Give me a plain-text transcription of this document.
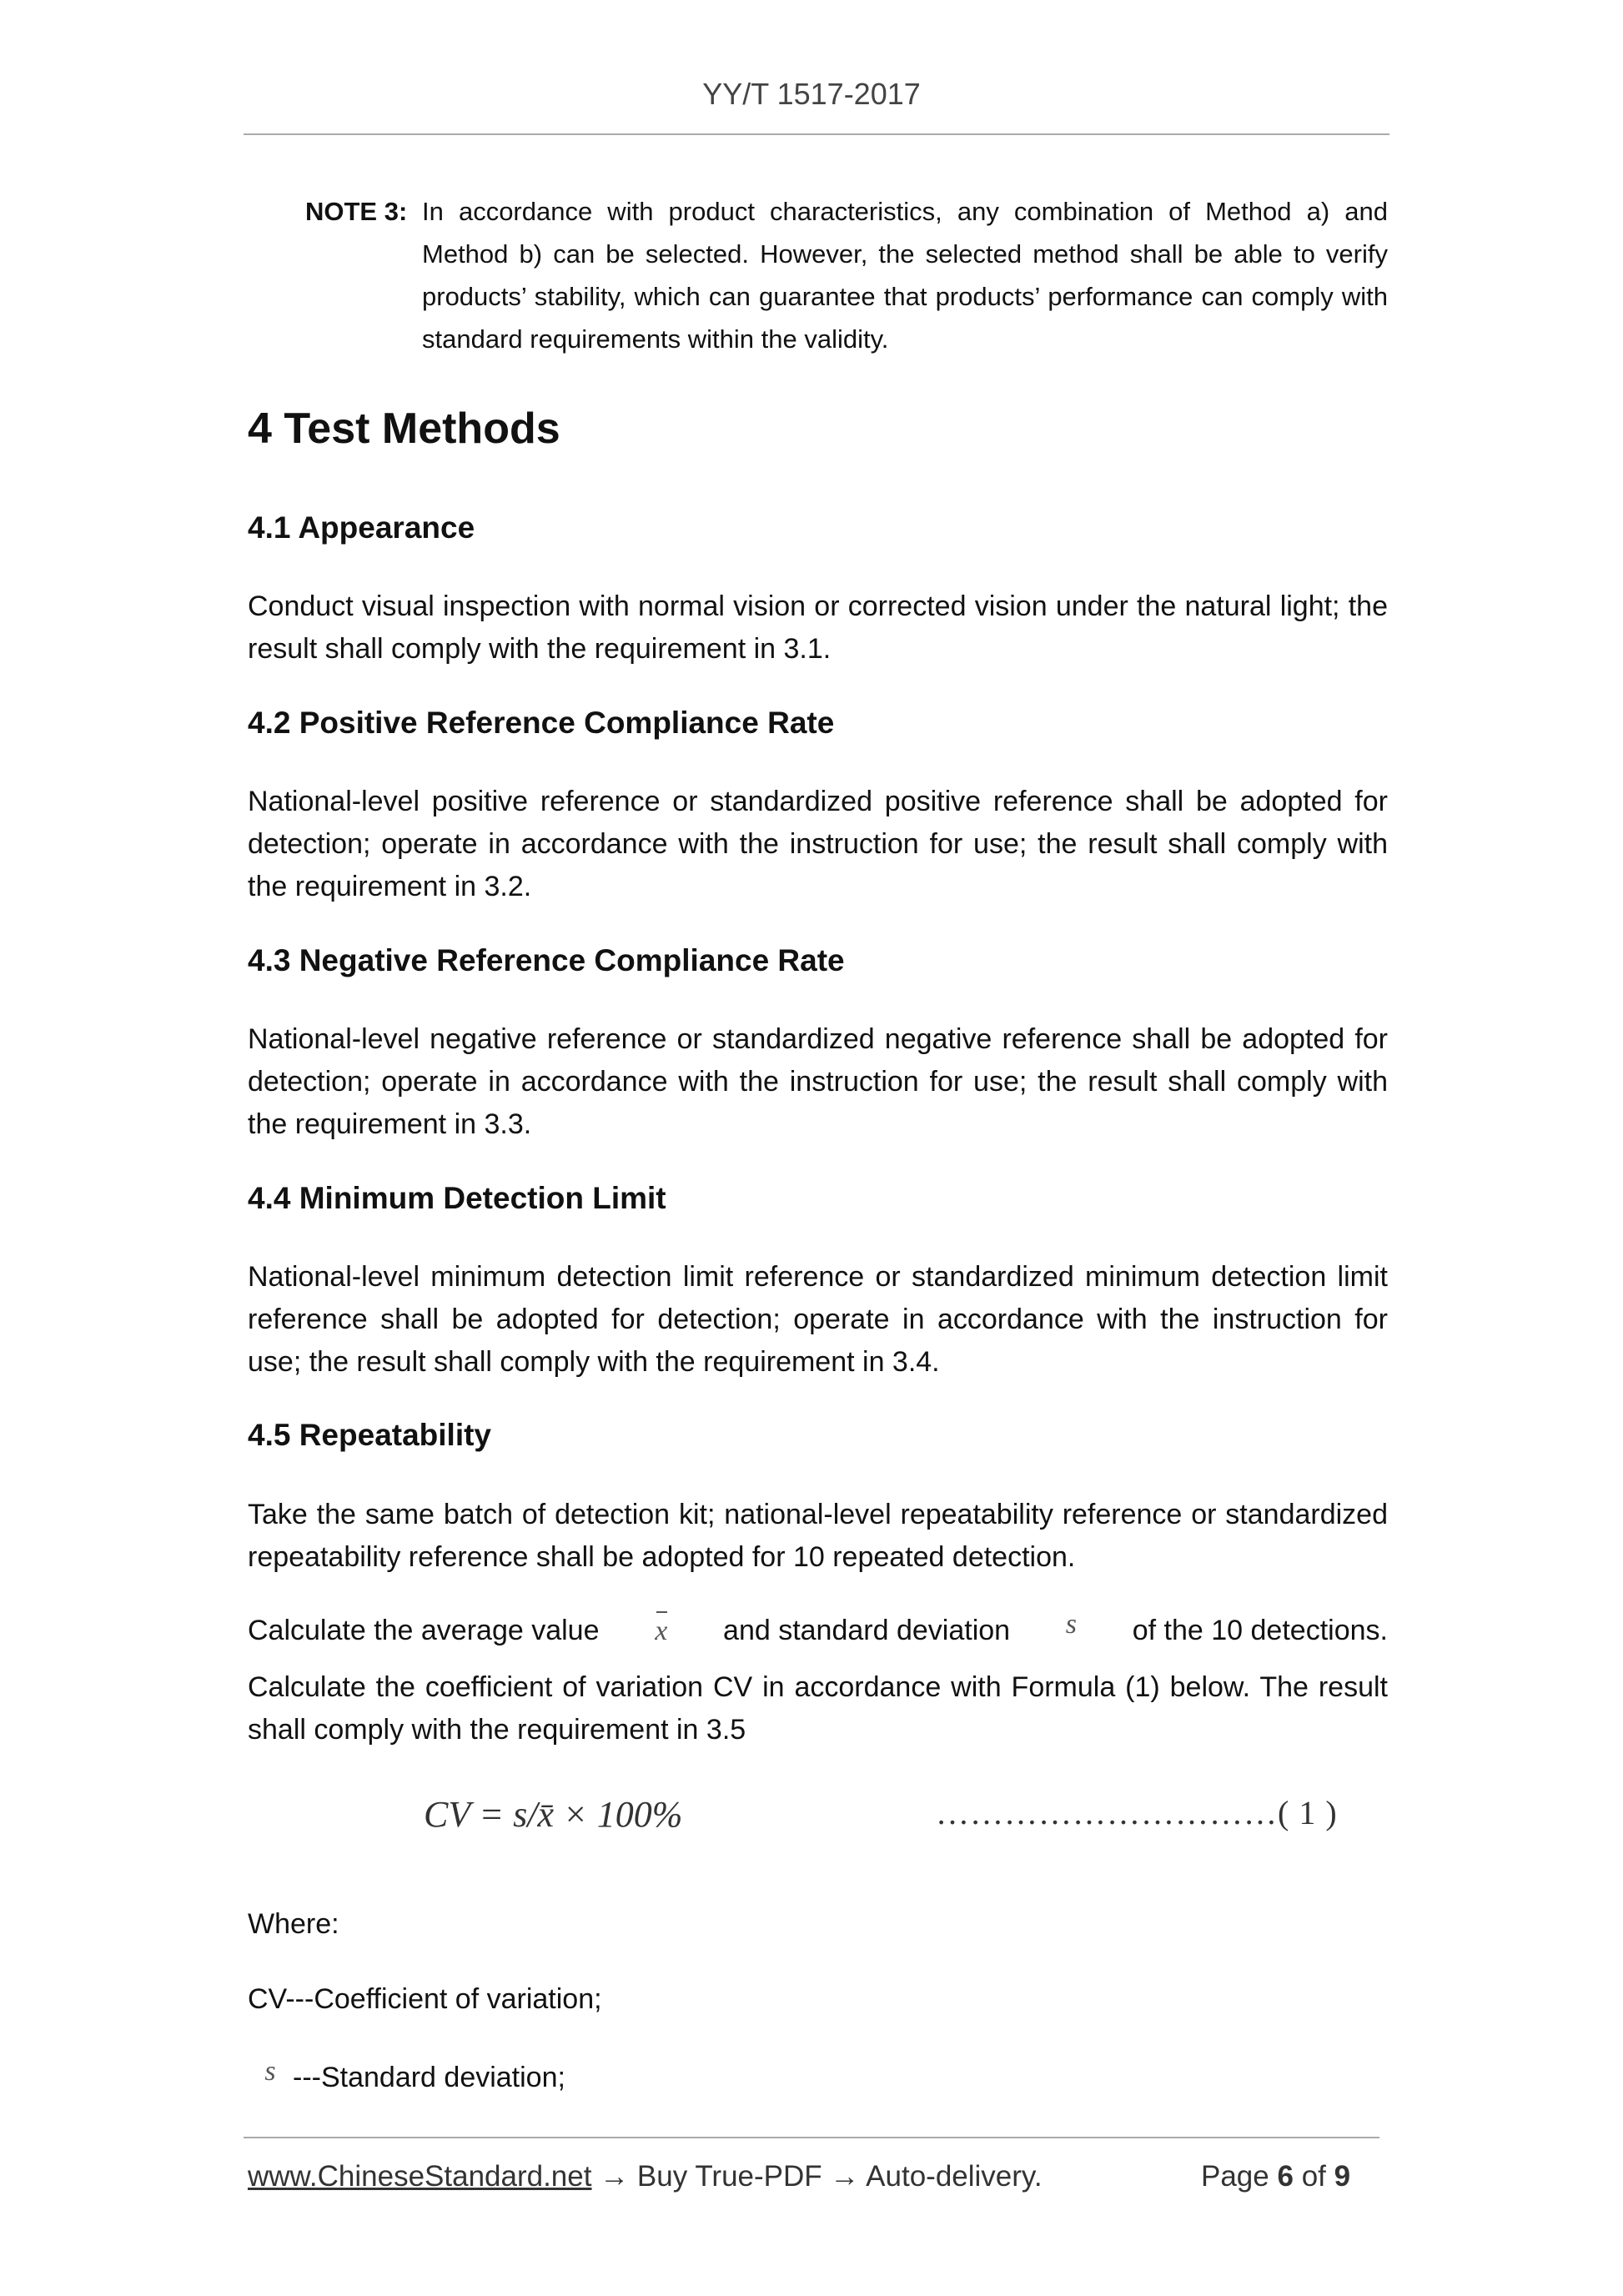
YY/T 1517-2017
NOTE 3: In accordance with product characteristics, any combination of Method a) and Method b) can be selected. However, the selected method shall be able to verify products’ stability, which can guarantee that products’ performance can comply with standard requirements within the validity.
4 Test Methods
4.1 Appearance
Conduct visual inspection with normal vision or corrected vision under the natural light; the result shall comply with the requirement in 3.1.
4.2 Positive Reference Compliance Rate
National-level positive reference or standardized positive reference shall be adopted for detection; operate in accordance with the instruction for use; the result shall comply with the requirement in 3.2.
4.3 Negative Reference Compliance Rate
National-level negative reference or standardized negative reference shall be adopted for detection; operate in accordance with the instruction for use; the result shall comply with the requirement in 3.3.
4.4 Minimum Detection Limit
National-level minimum detection limit reference or standardized minimum detection limit reference shall be adopted for detection; operate in accordance with the instruction for use; the result shall comply with the requirement in 3.4.
4.5 Repeatability
Take the same batch of detection kit; national-level repeatability reference or standardized repeatability reference shall be adopted for 10 repeated detection.
Calculate the average value x and standard deviation s of the 10 detections.
Calculate the coefficient of variation CV in accordance with Formula (1) below. The result shall comply with the requirement in 3.5
CV = s/x̄ × 100%	…………………………( 1 )
Where:
CV---Coefficient of variation;
s ---Standard deviation;
www.ChineseStandard.net → Buy True-PDF → Auto-delivery.	Page 6 of 9
